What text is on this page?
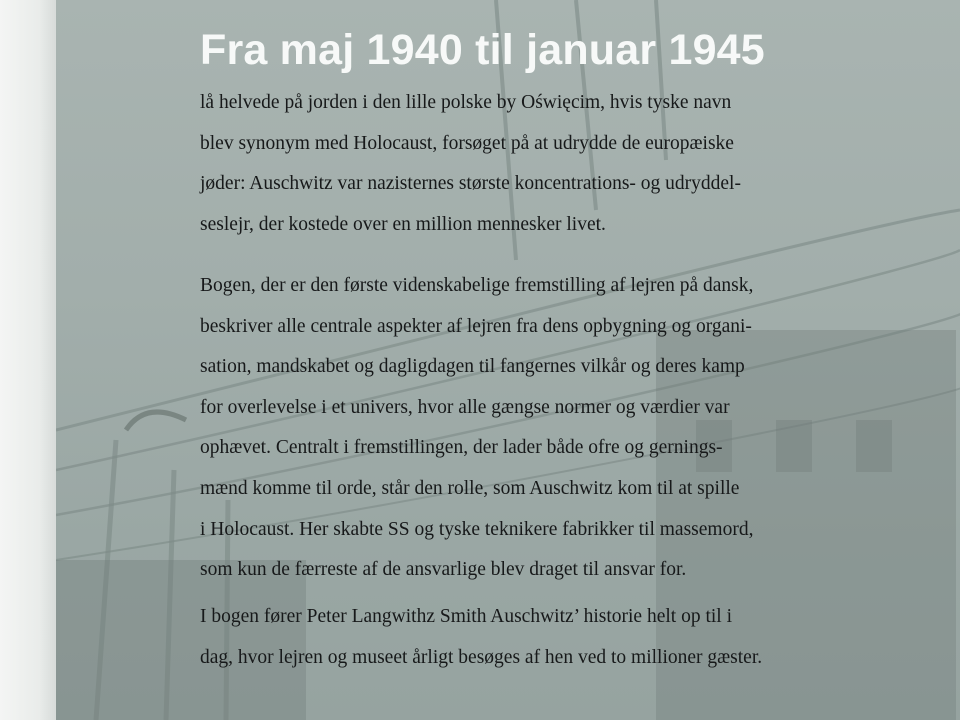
Fra maj 1940 til januar 1945
lå helvede på jorden i den lille polske by Oświęcim, hvis tyske navn
blev synonym med Holocaust, forsøget på at udrydde de europæiske
jøder: Auschwitz var nazisternes største koncentrations- og udryddel-
seslejr, der kostede over en million mennesker livet.
Bogen, der er den første videnskabelige fremstilling af lejren på dansk,
beskriver alle centrale aspekter af lejren fra dens opbygning og organi-
sation, mandskabet og dagligdagen til fangernes vilkår og deres kamp
for overlevelse i et univers, hvor alle gængse normer og værdier var
ophævet. Centralt i fremstillingen, der lader både ofre og gernings-
mænd komme til orde, står den rolle, som Auschwitz kom til at spille
i Holocaust. Her skabte SS og tyske teknikere fabrikker til massemord,
som kun de færreste af de ansvarlige blev draget til ansvar for.
I bogen fører Peter Langwithz Smith Auschwitz’ historie helt op til i
dag, hvor lejren og museet årligt besøges af hen ved to millioner gæster.
